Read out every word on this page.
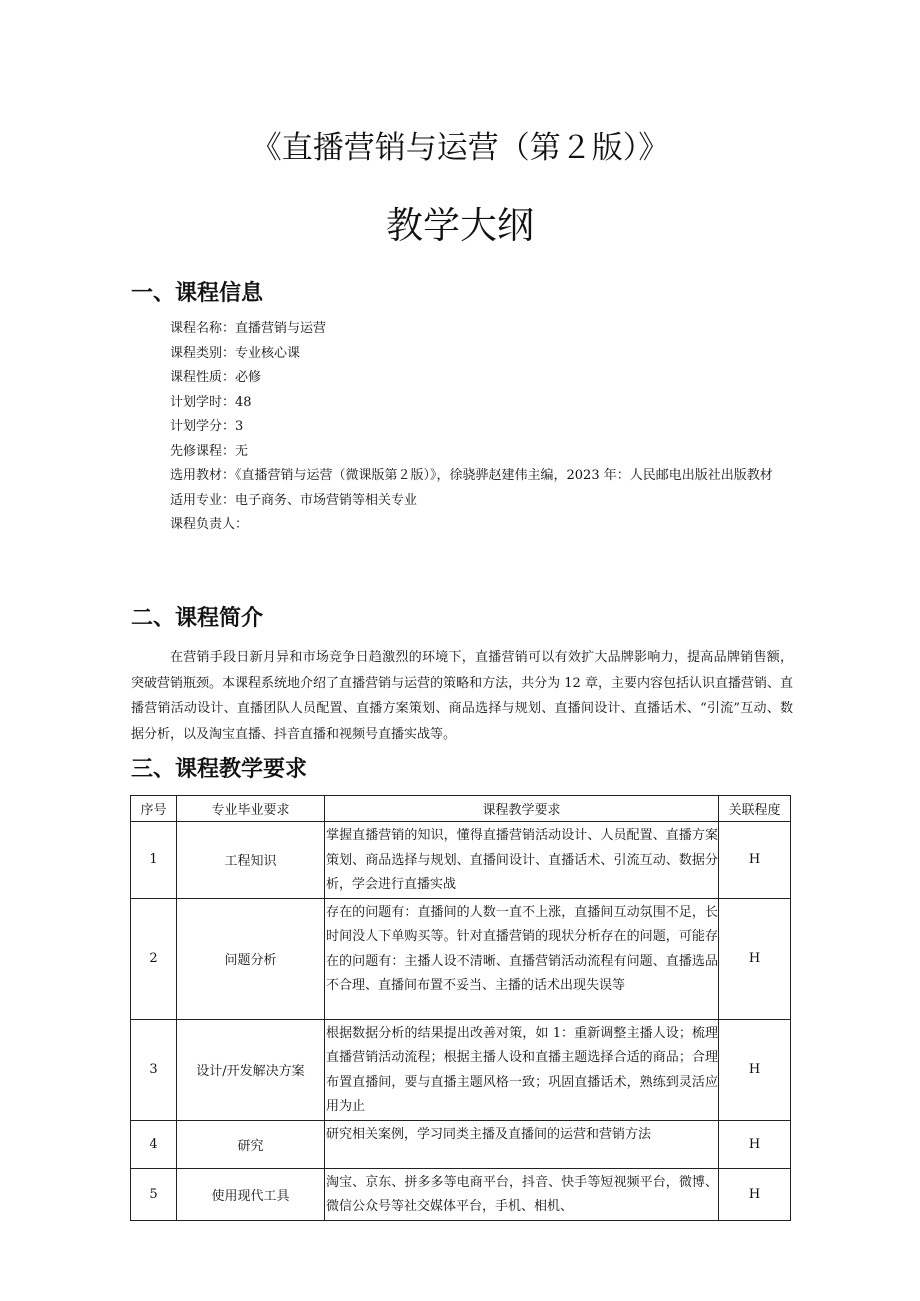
《直播营销与运营（第２版）》
教学大纲
一、课程信息
课程名称：直播营销与运营
课程类别：专业核心课
课程性质：必修
计划学时：48
计划学分：3
先修课程：无
选用教材：《直播营销与运营（微课版第２版）》，徐骁骅赵建伟主编，2023 年：人民邮电出版社出版教材
适用专业：电子商务、市场营销等相关专业
课程负责人：
二、课程简介
在营销手段日新月异和市场竞争日趋激烈的环境下，直播营销可以有效扩大品牌影响力，提高品牌销售额，突破营销瓶颈。本课程系统地介绍了直播营销与运营的策略和方法，共分为 12 章，主要内容包括认识直播营销、直播营销活动设计、直播团队人员配置、直播方案策划、商品选择与规划、直播间设计、直播话术、“引流”互动、数据分析，以及淘宝直播、抖音直播和视频号直播实战等。
三、课程教学要求
序号	专业毕业要求	课程教学要求	关联程度
1	工程知识	掌握直播营销的知识，懂得直播营销活动设计、人员配置、直播方案策划、商品选择与规划、直播间设计、直播话术、引流互动、数据分析，学会进行直播实战	H
2	问题分析	存在的问题有：直播间的人数一直不上涨，直播间互动氛围不足，长时间没人下单购买等。针对直播营销的现状分析存在的问题，可能存在的问题有：主播人设不清晰、直播营销活动流程有问题、直播选品不合理、直播间布置不妥当、主播的话术出现失误等	H
3	设计/开发解决方案	根据数据分析的结果提出改善对策，如 1：重新调整主播人设；梳理直播营销活动流程；根据主播人设和直播主题选择合适的商品；合理布置直播间，要与直播主题风格一致；巩固直播话术，熟练到灵活应用为止	H
4	研究	研究相关案例，学习同类主播及直播间的运营和营销方法	H
5	使用现代工具	淘宝、京东、拼多多等电商平台，抖音、快手等短视频平台，微博、微信公众号等社交媒体平台，手机、相机、	H
